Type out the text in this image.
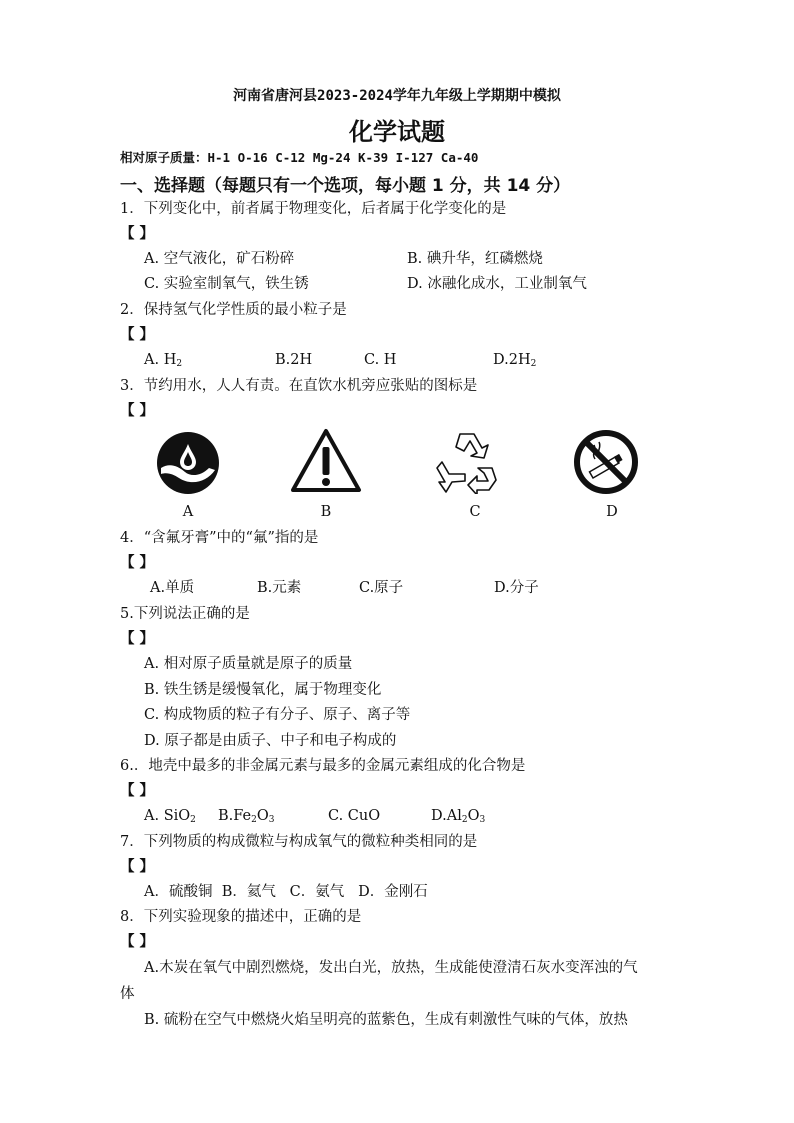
河南省唐河县2023-2024学年九年级上学期期中模拟
化学试题
相对原子质量：H-1 O-16 C-12 Mg-24 K-39 I-127 Ca-40
一、选择题（每题只有一个选项，每小题 1 分，共 14 分）
1．下列变化中，前者属于物理变化，后者属于化学变化的是
【 】
A. 空气液化，矿石粉碎	B. 碘升华，红磷燃烧
C. 实验室制氧气，铁生锈	D. 冰融化成水，工业制氧气
2．保持氢气化学性质的最小粒子是
【 】
A. $H_2$	B.2H	C. H	$D.2H_2$
3．节约用水，人人有责。在直饮水机旁应张贴的图标是
【 】
A	B	C	D
4．“含氟牙膏”中的“氟”指的是
【 】
A.单质	B.元素	C.原子	D.分子
5.下列说法正确的是
【 】
A. 相对原子质量就是原子的质量
B. 铁生锈是缓慢氧化，属于物理变化
C. 构成物质的粒子有分子、原子、离子等
D. 原子都是由质子、中子和电子构成的
6.．地壳中最多的非金属元素与最多的金属元素组成的化合物是
【 】
A. SiO$_2$ $B.Fe_2O_3$	C. CuO	$D.Al_2O_3$
7．下列物质的构成微粒与构成氧气的微粒种类相同的是
【 】
A．硫酸铜  B．氦气   C．氨气   D．金刚石
8．下列实验现象的描述中，正确的是
【 】
A.木炭在氧气中剧烈燃烧，发出白光，放热，生成能使澄清石灰水变浑浊的气
体
B. 硫粉在空气中燃烧火焰呈明亮的蓝紫色，生成有刺激性气味的气体，放热
